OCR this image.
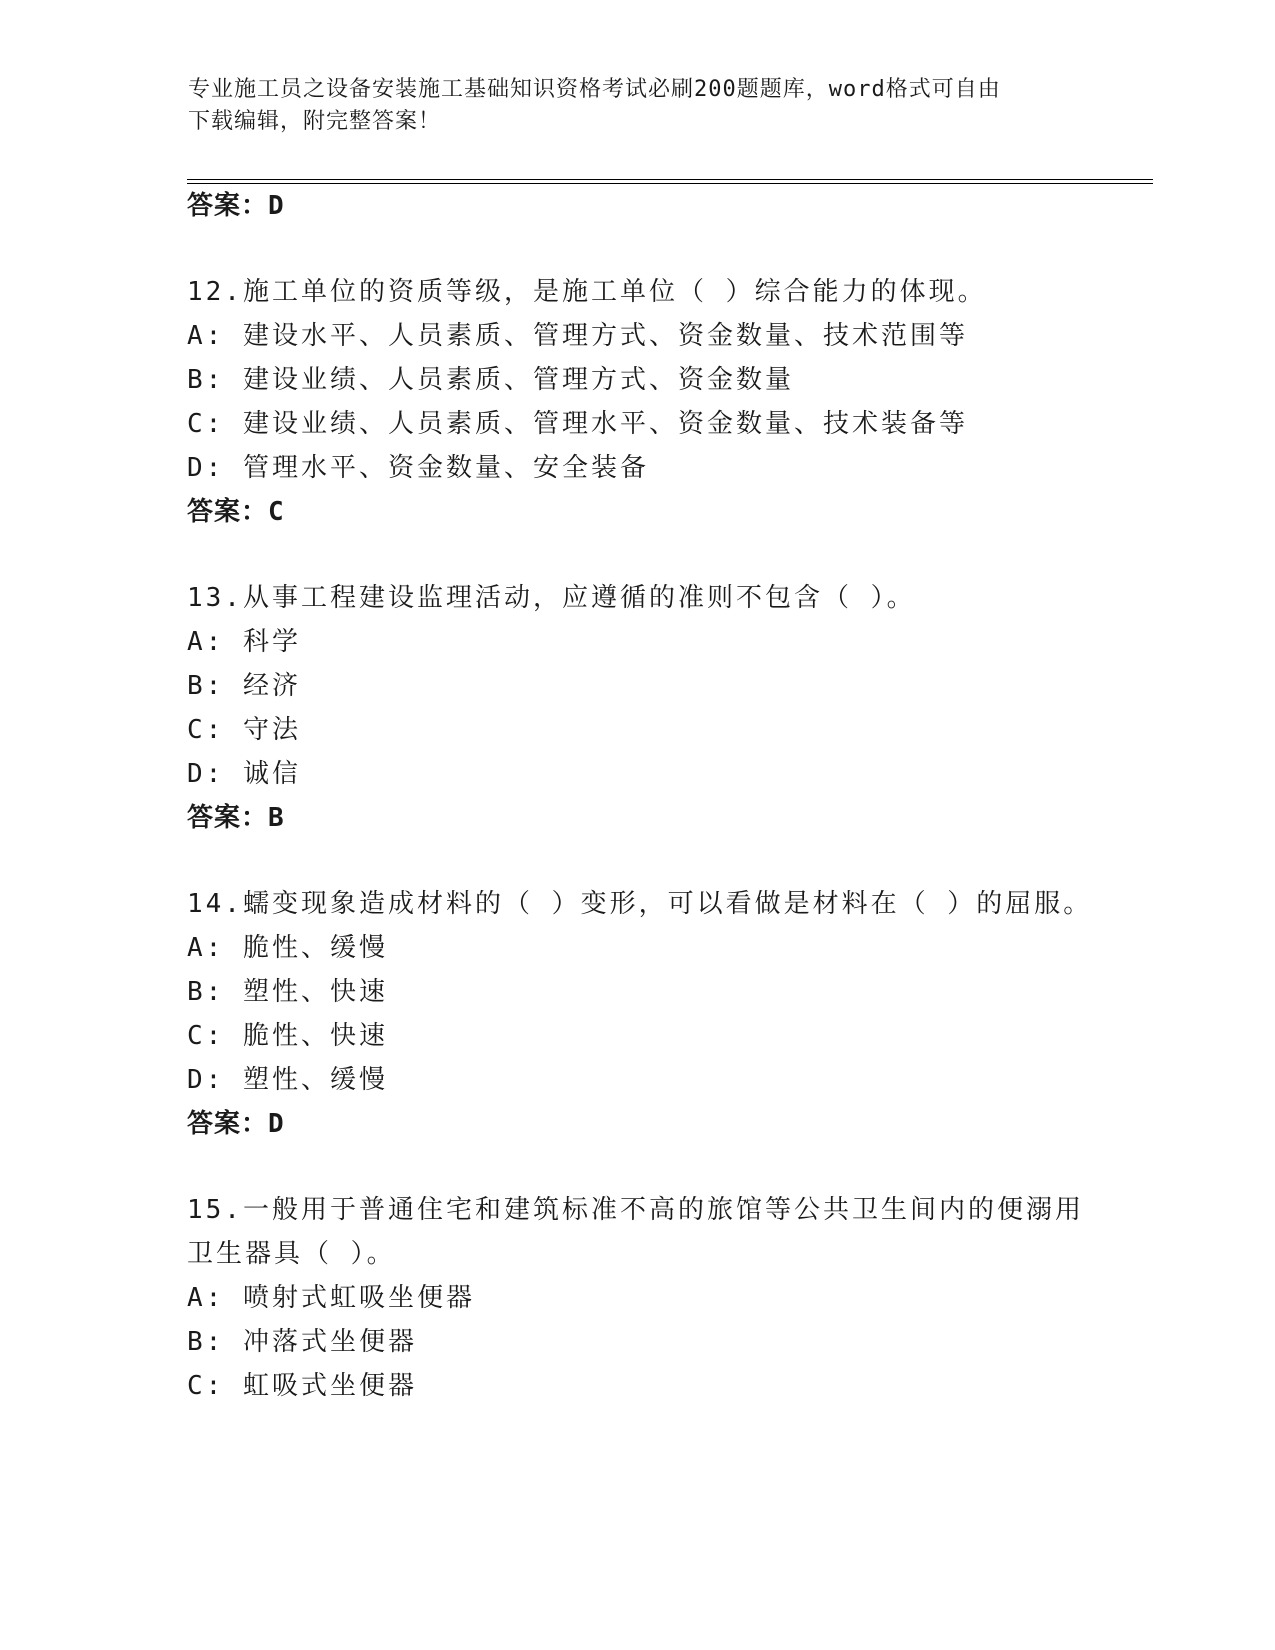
专业施工员之设备安装施工基础知识资格考试必刷200题题库，word格式可自由
下载编辑，附完整答案！
答案：D
12.施工单位的资质等级，是施工单位（ ）综合能力的体现。
A: 建设水平、人员素质、管理方式、资金数量、技术范围等
B: 建设业绩、人员素质、管理方式、资金数量
C: 建设业绩、人员素质、管理水平、资金数量、技术装备等
D: 管理水平、资金数量、安全装备
答案：C
13.从事工程建设监理活动，应遵循的准则不包含（ ）。
A: 科学
B: 经济
C: 守法
D: 诚信
答案：B
14.蠕变现象造成材料的（ ）变形，可以看做是材料在（ ）的屈服。
A: 脆性、缓慢
B: 塑性、快速
C: 脆性、快速
D: 塑性、缓慢
答案：D
15.一般用于普通住宅和建筑标准不高的旅馆等公共卫生间内的便溺用
卫生器具（ ）。
A: 喷射式虹吸坐便器
B: 冲落式坐便器
C: 虹吸式坐便器
